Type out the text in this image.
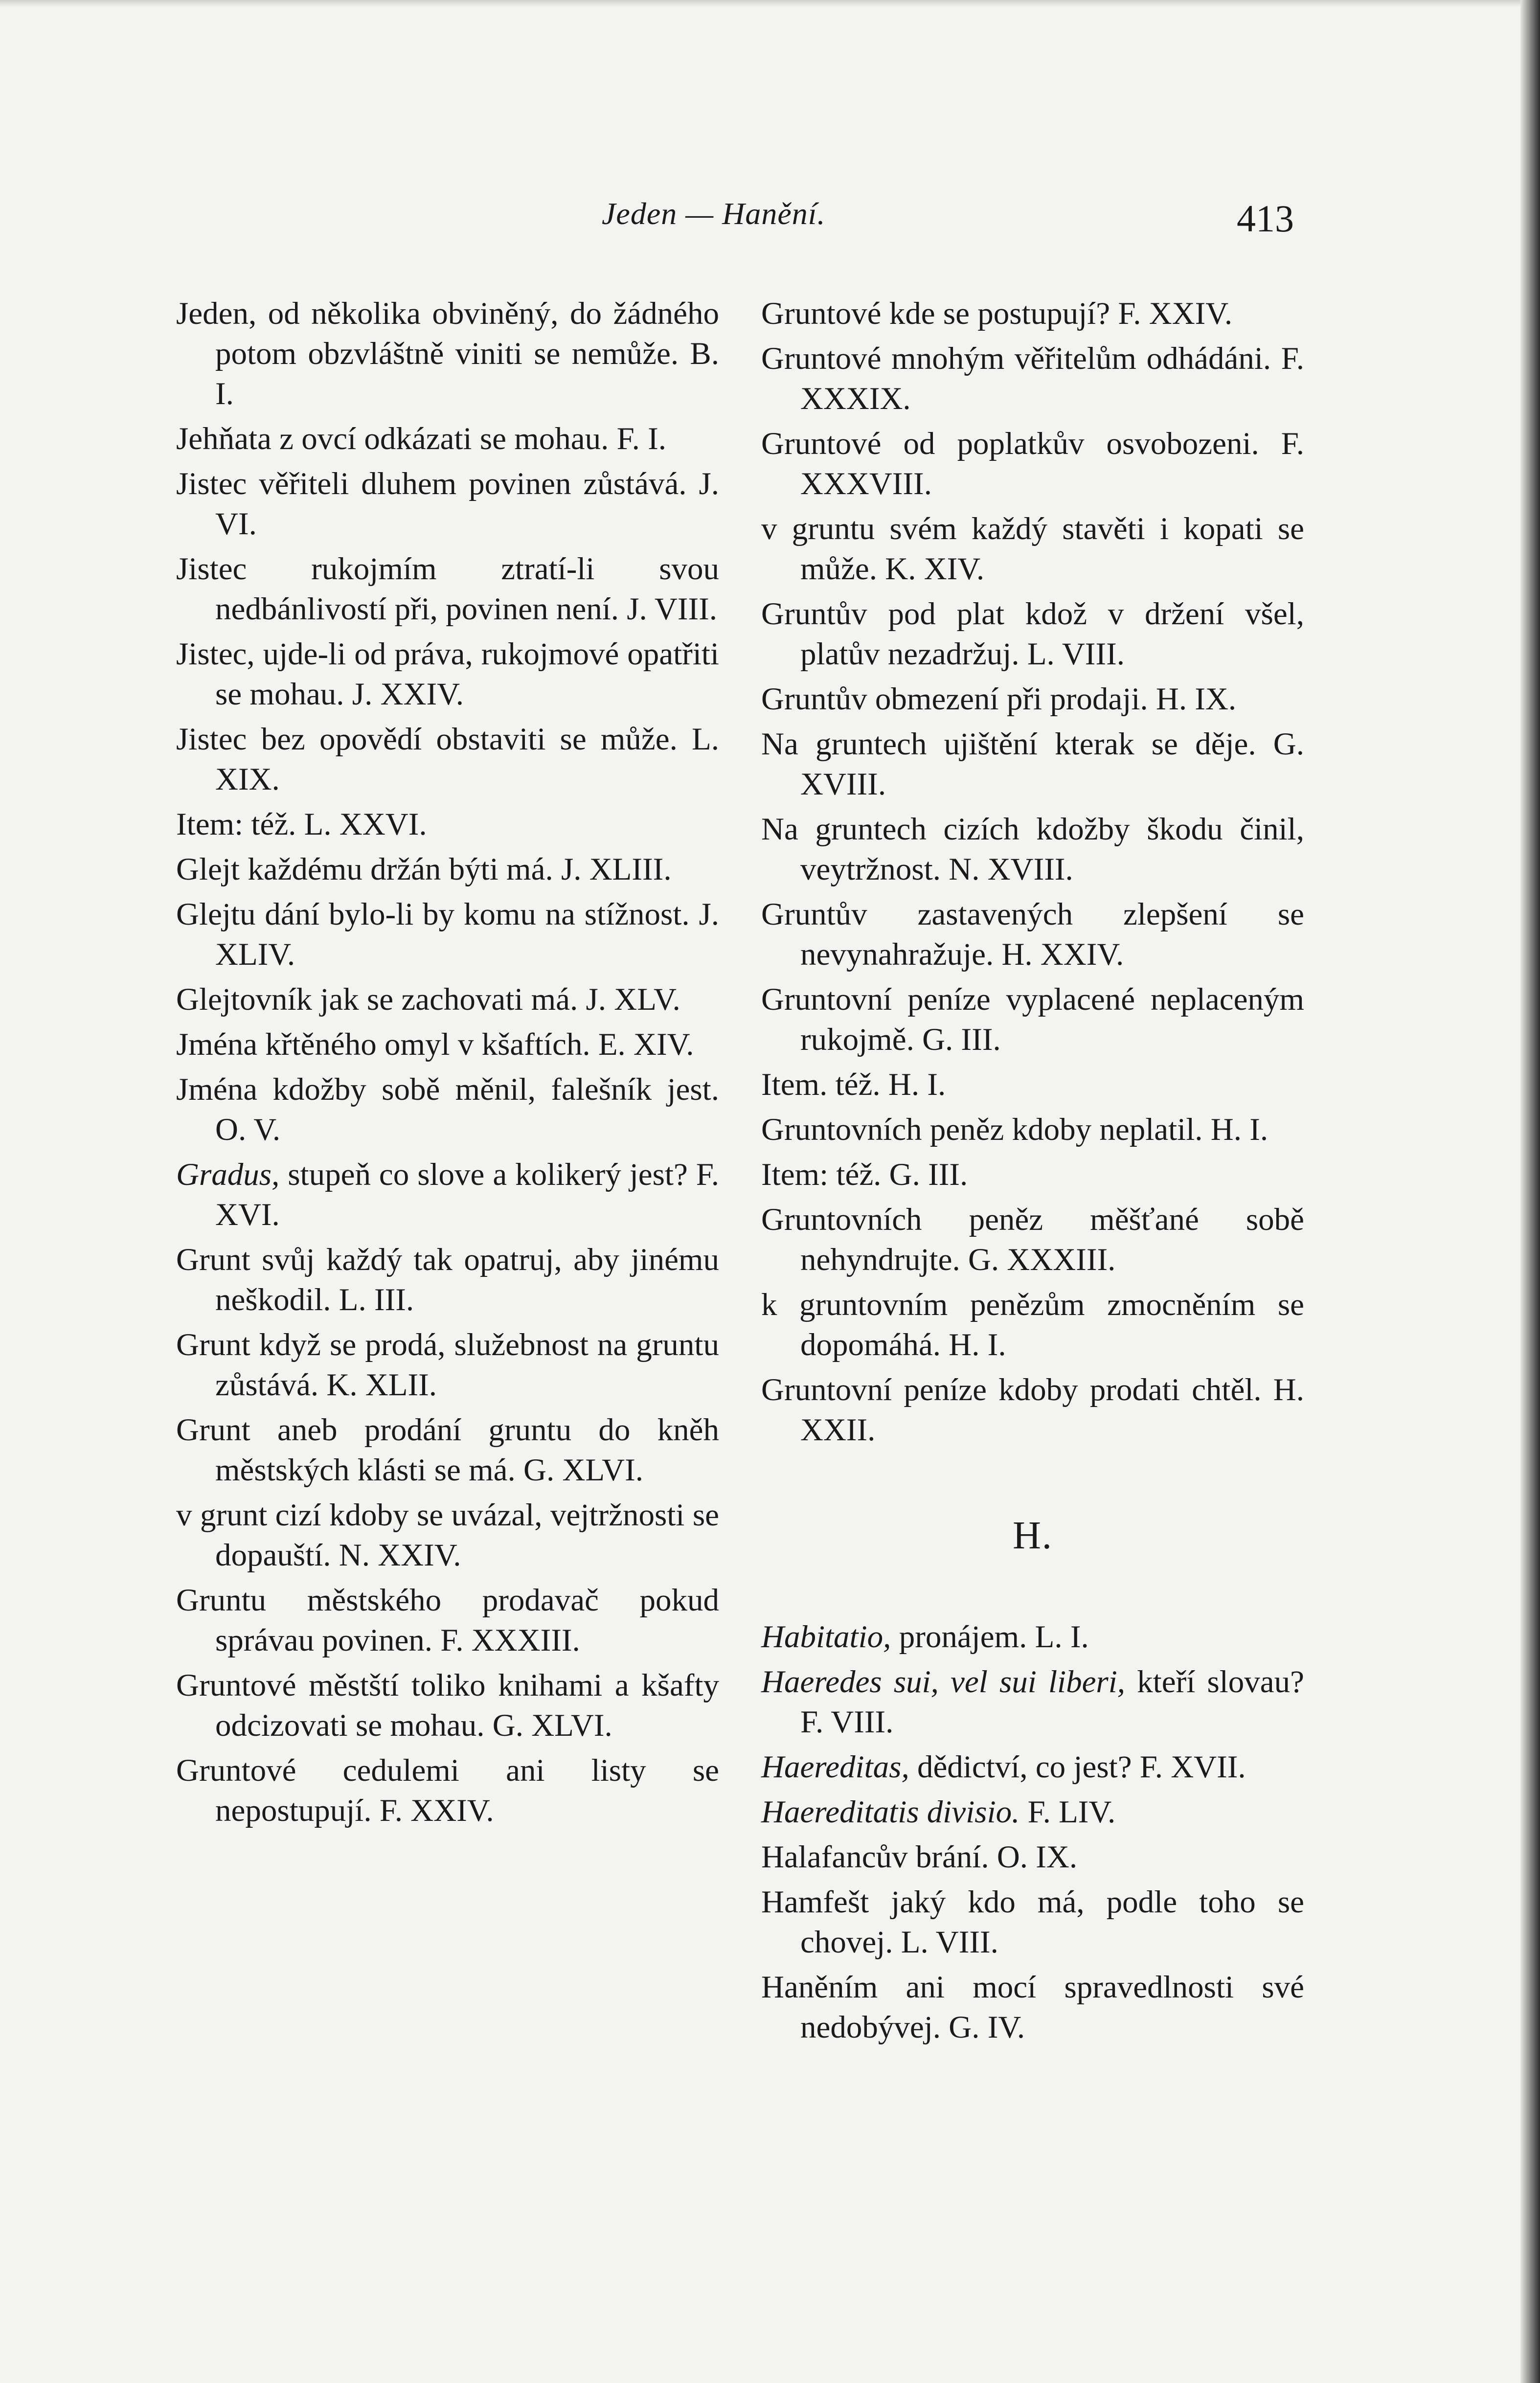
Jeden — Hanění.	413
Jeden, od několika obviněný, do žádného potom obzvláštně viniti se nemůže. B. I.
Jehňata z ovcí odkázati se mohau. F. I.
Jistec věřiteli dluhem povinen zůstává. J. VI.
Jistec rukojmím ztratí-li svou nedbánlivostí při, povinen není. J. VIII.
Jistec, ujde-li od práva, rukojmové opatřiti se mohau. J. XXIV.
Jistec bez opovědí obstaviti se může. L. XIX.
Item: též. L. XXVI.
Glejt každému držán býti má. J. XLIII.
Glejtu dání bylo-li by komu na stížnost. J. XLIV.
Glejtovník jak se zachovati má. J. XLV.
Jména křtěného omyl v kšaftích. E. XIV.
Jména kdožby sobě měnil, falešník jest. O. V.
Gradus, stupeň co slove a kolikerý jest? F. XVI.
Grunt svůj každý tak opatruj, aby jinému neškodil. L. III.
Grunt když se prodá, služebnost na gruntu zůstává. K. XLII.
Grunt aneb prodání gruntu do kněh městských klásti se má. G. XLVI.
v grunt cizí kdoby se uvázal, vejtržnosti se dopauští. N. XXIV.
Gruntu městského prodavač pokud správau povinen. F. XXXIII.
Gruntové městští toliko knihami a kšafty odcizovati se mohau. G. XLVI.
Gruntové cedulemi ani listy se nepostupují. F. XXIV.
Gruntové kde se postupují? F. XXIV.
Gruntové mnohým věřitelům odhádáni. F. XXXIX.
Gruntové od poplatkův osvobozeni. F. XXXVIII.
v gruntu svém každý stavěti i kopati se může. K. XIV.
Gruntův pod plat kdož v držení všel, platův nezadržuj. L. VIII.
Gruntův obmezení při prodaji. H. IX.
Na gruntech ujištění kterak se děje. G. XVIII.
Na gruntech cizích kdožby škodu činil, veytržnost. N. XVIII.
Gruntův zastavených zlepšení se nevynahražuje. H. XXIV.
Gruntovní peníze vyplacené neplaceným rukojmě. G. III.
Item. též. H. I.
Gruntovních peněz kdoby neplatil. H. I.
Item: též. G. III.
Gruntovních peněz měšťané sobě nehyndrujte. G. XXXIII.
k gruntovním penězům zmocněním se dopomáhá. H. I.
Gruntovní peníze kdoby prodati chtěl. H. XXII.
H.
Habitatio, pronájem. L. I.
Haeredes sui, vel sui liberi, kteří slovau? F. VIII.
Haereditas, dědictví, co jest? F. XVII.
Haereditatis divisio. F. LIV.
Halafancův brání. O. IX.
Hamfešt jaký kdo má, podle toho se chovej. L. VIII.
Haněním ani mocí spravedlnosti své nedobývej. G. IV.
